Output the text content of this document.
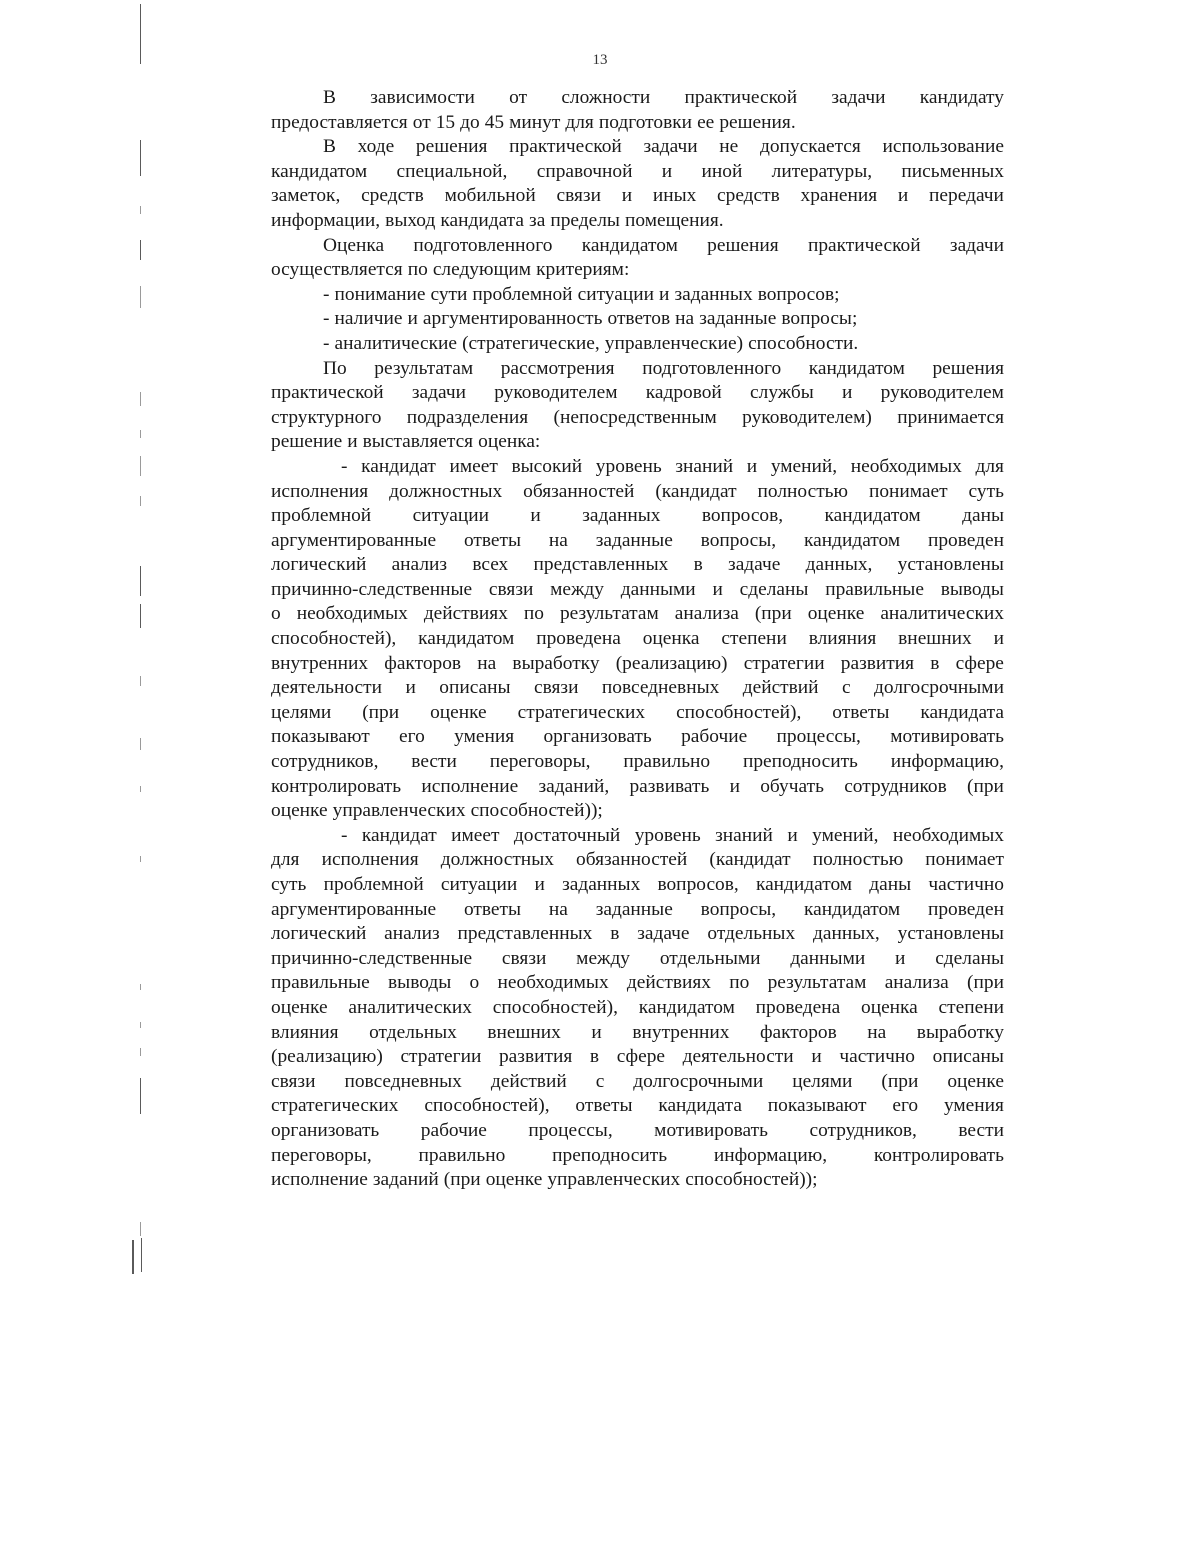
13
В зависимости от сложности практической задачи кандидату
предоставляется от 15 до 45 минут для подготовки ее решения.
В ходе решения практической задачи не допускается использование
кандидатом специальной, справочной и иной литературы, письменных
заметок, средств мобильной связи и иных средств хранения и передачи
информации, выход кандидата за пределы помещения.
Оценка подготовленного кандидатом решения практической задачи
осуществляется по следующим критериям:
- понимание сути проблемной ситуации и заданных вопросов;
- наличие и аргументированность ответов на заданные вопросы;
- аналитические (стратегические, управленческие) способности.
По результатам рассмотрения подготовленного кандидатом решения
практической задачи руководителем кадровой службы и руководителем
структурного подразделения (непосредственным руководителем) принимается
решение и выставляется оценка:
- кандидат имеет высокий уровень знаний и умений, необходимых для
исполнения должностных обязанностей (кандидат полностью понимает суть
проблемной ситуации и заданных вопросов, кандидатом даны
аргументированные ответы на заданные вопросы, кандидатом проведен
логический анализ всех представленных в задаче данных, установлены
причинно-следственные связи между данными и сделаны правильные выводы
о необходимых действиях по результатам анализа (при оценке аналитических
способностей), кандидатом проведена оценка степени влияния внешних и
внутренних факторов на выработку (реализацию) стратегии развития в сфере
деятельности и описаны связи повседневных действий с долгосрочными
целями (при оценке стратегических способностей), ответы кандидата
показывают его умения организовать рабочие процессы, мотивировать
сотрудников, вести переговоры, правильно преподносить информацию,
контролировать исполнение заданий, развивать и обучать сотрудников (при
оценке управленческих способностей));
- кандидат имеет достаточный уровень знаний и умений, необходимых
для исполнения должностных обязанностей (кандидат полностью понимает
суть проблемной ситуации и заданных вопросов, кандидатом даны частично
аргументированные ответы на заданные вопросы, кандидатом проведен
логический анализ представленных в задаче отдельных данных, установлены
причинно-следственные связи между отдельными данными и сделаны
правильные выводы о необходимых действиях по результатам анализа (при
оценке аналитических способностей), кандидатом проведена оценка степени
влияния отдельных внешних и внутренних факторов на выработку
(реализацию) стратегии развития в сфере деятельности и частично описаны
связи повседневных действий с долгосрочными целями (при оценке
стратегических способностей), ответы кандидата показывают его умения
организовать рабочие процессы, мотивировать сотрудников, вести
переговоры, правильно преподносить информацию, контролировать
исполнение заданий (при оценке управленческих способностей));
